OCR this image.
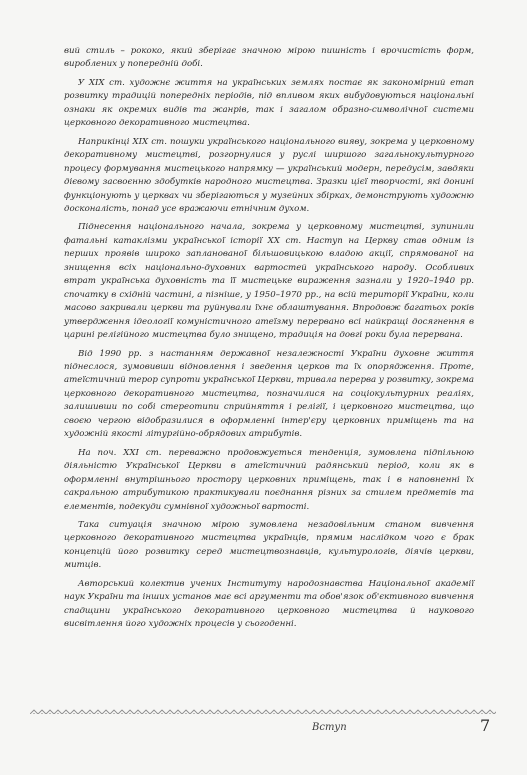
вий стиль – рококо, який зберігає значною мірою пишність і врочистість форм, вироблених у попередній добі.

У XIX ст. художнє життя на українських землях постає як закономірний етап розвитку традицій попередніх періодів, під впливом яких вибудовуються національні ознаки як окремих видів та жанрів, так і загалом образно-символічної системи церковного декоративного мистецтва.

Наприкінці XIX ст. пошуки українського національного вияву, зокрема у церковному декоративному мистецтві, розгорнулися у руслі ширшого загальнокультурного процесу формування мистецького напрямку — український модерн, передусім, завдяки дієвому засвоєнню здобутків народного мистецтва. Зразки цієї творчості, які донині функціонують у церквах чи зберігаються у музейних збірках, демонструють художню досконалість, понад усе вражаючи етнічним духом.

Піднесення національного начала, зокрема у церковному мистецтві, зупинили фатальні катаклізми української історії XX ст. Наступ на Церкву став одним із перших проявів широко запланованої більшовицькою владою акції, спрямованої на знищення всіх національно-духовних вартостей українського народу. Особливих втрат українська духовність та її мистецьке вираження зазнали у 1920–1940 рр. спочатку в східній частині, а пізніше, у 1950–1970 рр., на всій території України, коли масово закривали церкви та руйнували їхнє облаштування. Впродовж багатьох років утвердження ідеології комуністичного атеїзму перервано всі найкращі досягнення в царині релігійного мистецтва було знищено, традиція на довгі роки була перервана.

Від 1990 рр. з настанням державної незалежності України духовне життя піднеслося, зумовивши відновлення і зведення церков та їх опорядження. Проте, атеїстичний терор супроти української Церкви, тривала перерва у розвитку, зокрема церковного декоративного мистецтва, позначилися на соціокультурних реаліях, залишивши по собі стереотипи сприйняття і релігії, і церковного мистецтва, що своєю чергою відобразилися в оформленні інтер'єру церковних приміщень та на художній якості літургійно-обрядових атрибутів.

На поч. XXI ст. переважно продовжується тенденція, зумовлена підпільною діяльністю Української Церкви в атеїстичний радянський період, коли як в оформленні внутрішнього простору церковних приміщень, так і в наповненні їх сакральною атрибутикою практикували поєднання різних за стилем предметів та елементів, подекуди сумнівної художньої вартості.

Така ситуація значною мірою зумовлена незадовільним станом вивчення церковного декоративного мистецтва українців, прямим наслідком чого є брак концепцій його розвитку серед мистецтвознавців, культурологів, діячів церкви, митців.

Авторський колектив учених Інституту народознавства Національної академії наук України та інших установ має всі аргументи та обов'язок об'єктивного вивчення спадщини українського декоративного церковного мистецтва й наукового висвітлення його художніх процесів у сьогоденні.

Вступ	7
